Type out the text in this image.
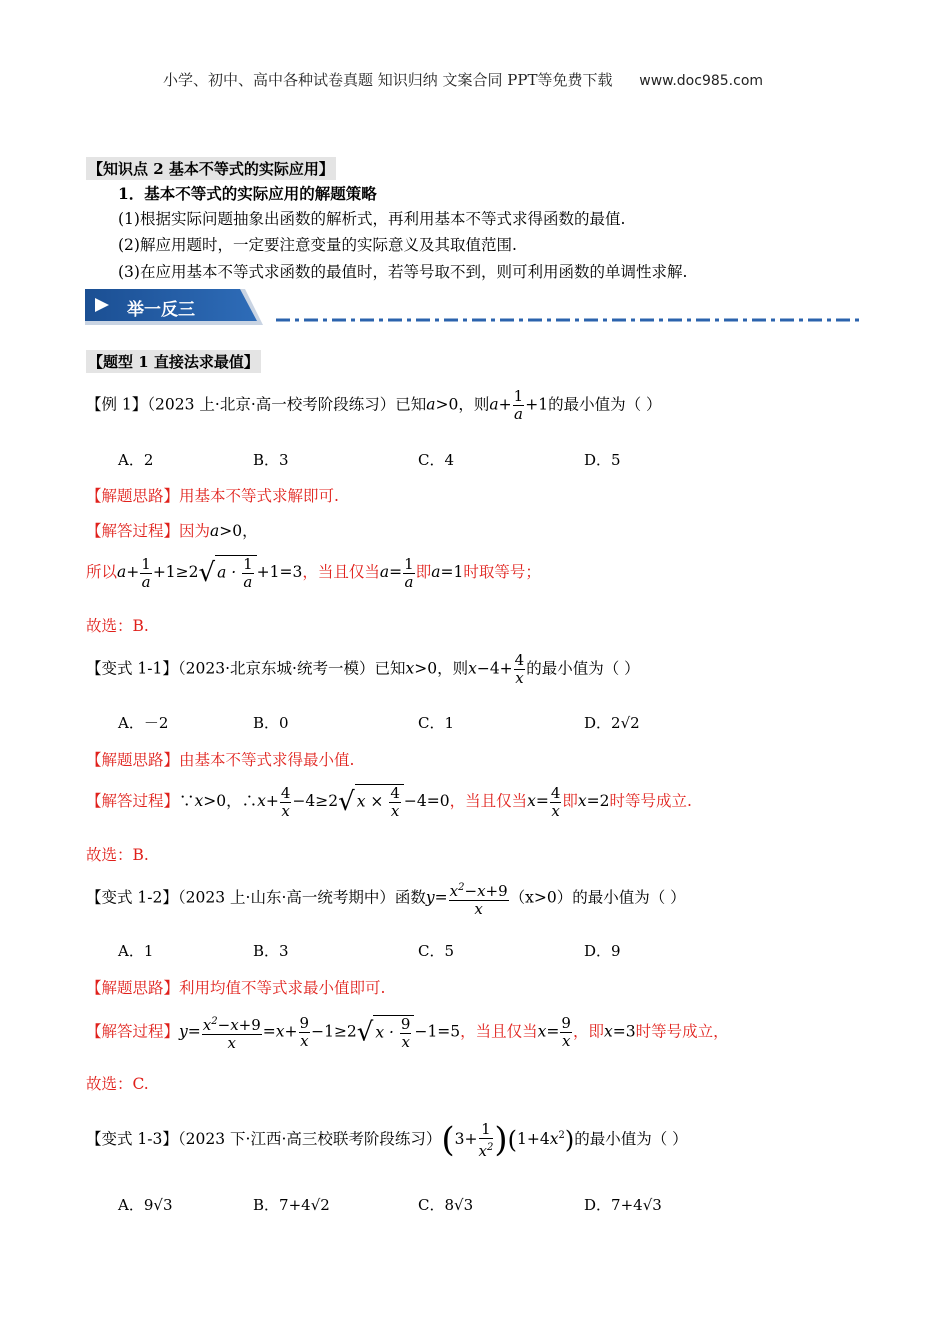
小学、初中、高中各种试卷真题 知识归纳 文案合同 PPT等免费下载 www.doc985.com
【知识点 2 基本不等式的实际应用】
1．基本不等式的实际应用的解题策略
(1)根据实际问题抽象出函数的解析式，再利用基本不等式求得函数的最值.
(2)解应用题时，一定要注意变量的实际意义及其取值范围.
(3)在应用基本不等式求函数的最值时，若等号取不到，则可利用函数的单调性求解.
举一反三
【题型 1 直接法求最值】
【例 1】（2023 上·北京·高一校考阶段练习）已知a>0，则$a+ \frac{1}{a} +1$的最小值为（ ）
A．2	B．3	C．4	D．5
【解题思路】用基本不等式求解即可.
【解答过程】因为a>0，
所以$a+ \frac{1}{a} +1\ge 2√$ $a \cdot \frac{1}{a} +1=3$，当且仅当$a= \frac{1}{a}$ 即a=1时取等号；
故选：B.
【变式 1-1】（2023·北京东城·统考一模）已知x>0，则$x-4+ \frac{4}{x}$ 的最小值为（ ）
A．－2	B．0	C．1	D．2√2
【解题思路】由基本不等式求得最小值.
【解答过程】∵x>0，∴x+ $\frac{4}{x} -4\ge 2√$ $x \times \frac{4}{x} -4=0$，当且仅当$x= \frac{4}{x}$ 即x=2时等号成立.
故选：B.
【变式 1-2】（2023 上·山东·高一统考期中）函数$y= \frac{x^2-x+9}{x} (x>0)$的最小值为（ ）
A．1	B．3	C．5	D．9
【解题思路】利用均值不等式求最小值即可.
【解答过程】$y= \frac{x^2-x+9}{x} =x+ \frac{9}{x} -1\ge 2√$ $x \cdot \frac{9}{x} -1=5$，当且仅当$x= \frac{9}{x}$ ，即x=3时等号成立，
故选：C.
【变式 1-3】（2023 下·江西·高三校联考阶段练习）$(3+ \frac{1}{x^2} )(1+4x^2)$的最小值为（ ）
A．9√3	B．7+4√2	C．8√3	D．7+4√3
